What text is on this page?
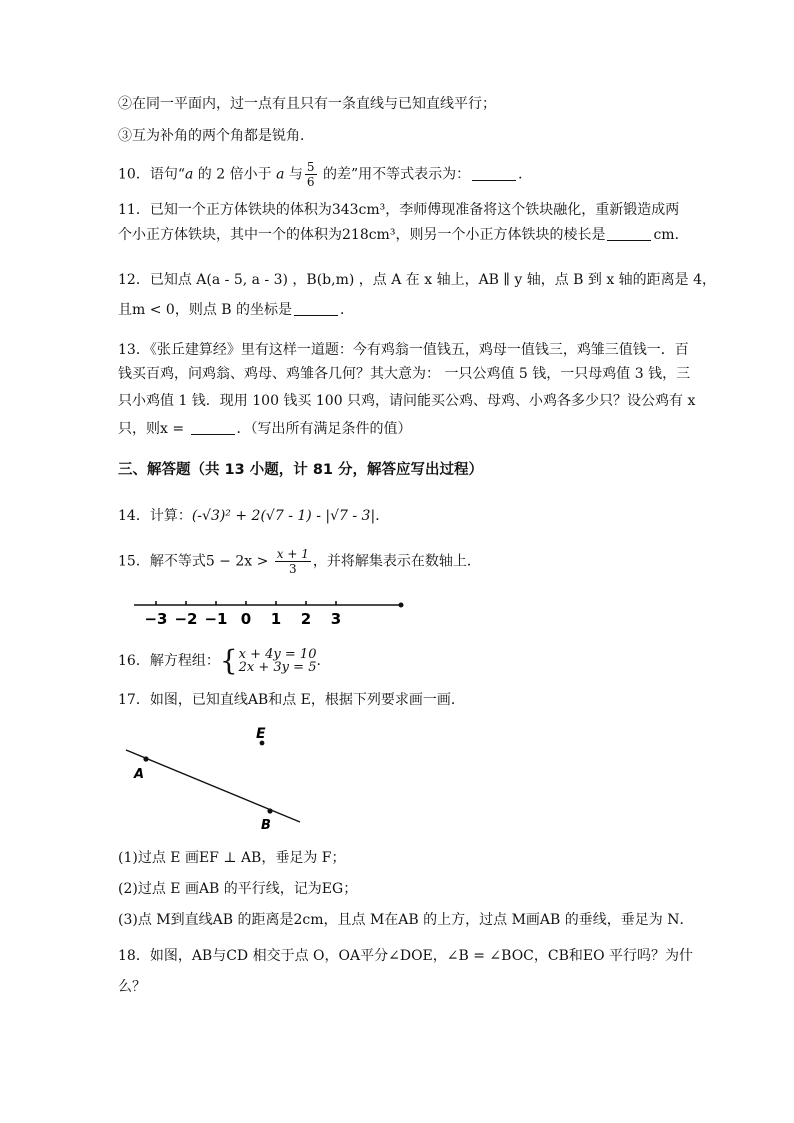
②在同一平面内，过一点有且只有一条直线与已知直线平行；
③互为补角的两个角都是锐角．
10．语句“a 的 2 倍小于 a 与 $\frac{5}{6}$ 的差”用不等式表示为：	．
11．已知一个正方体铁块的体积为343cm³，李师傅现准备将这个铁块融化，重新锻造成两
个小正方体铁块，其中一个的体积为218cm³，则另一个小正方体铁块的棱长是	cm．
12．已知点 A(a - 5, a - 3) ，B(b,m) ，点 A 在 x 轴上，AB ∥ y 轴，点 B 到 x 轴的距离是 4，
且m < 0，则点 B 的坐标是	．
13．《张丘建算经》里有这样一道题：今有鸡翁一值钱五，鸡母一值钱三，鸡雏三值钱一．百
钱买百鸡，问鸡翁、鸡母、鸡雏各几何？其大意为： 一只公鸡值 5 钱，一只母鸡值 3 钱，三
只小鸡值 1 钱．现用 100 钱买 100 只鸡，请问能买公鸡、母鸡、小鸡各多少只？设公鸡有 x
只，则x =	．（写出所有满足条件的值）
三、解答题（共 13 小题，计 81 分，解答应写出过程）
14．计算：(-√3)² + 2(√7 - 1) - |√7 - 3|．
15．解不等式$5 - 2x > \frac{x + 1}{3}$ ，并将解集表示在数轴上．
−3 −2 −1 0 1 2 3
16．解方程组： { x + 4y = 10
2x + 3y = 5 .
17．如图，已知直线AB和点 E，根据下列要求画一画．
E
A
B
(1)过点 E 画EF ⊥ AB，垂足为 F；
(2)过点 E 画AB 的平行线，记为EG；
(3)点 M到直线AB 的距离是2cm，且点 M在AB 的上方，过点 M画AB 的垂线，垂足为 N．
18．如图，AB与CD 相交于点 O，OA平分∠DOE，∠B = ∠BOC，CB和EO 平行吗？为什
么？
